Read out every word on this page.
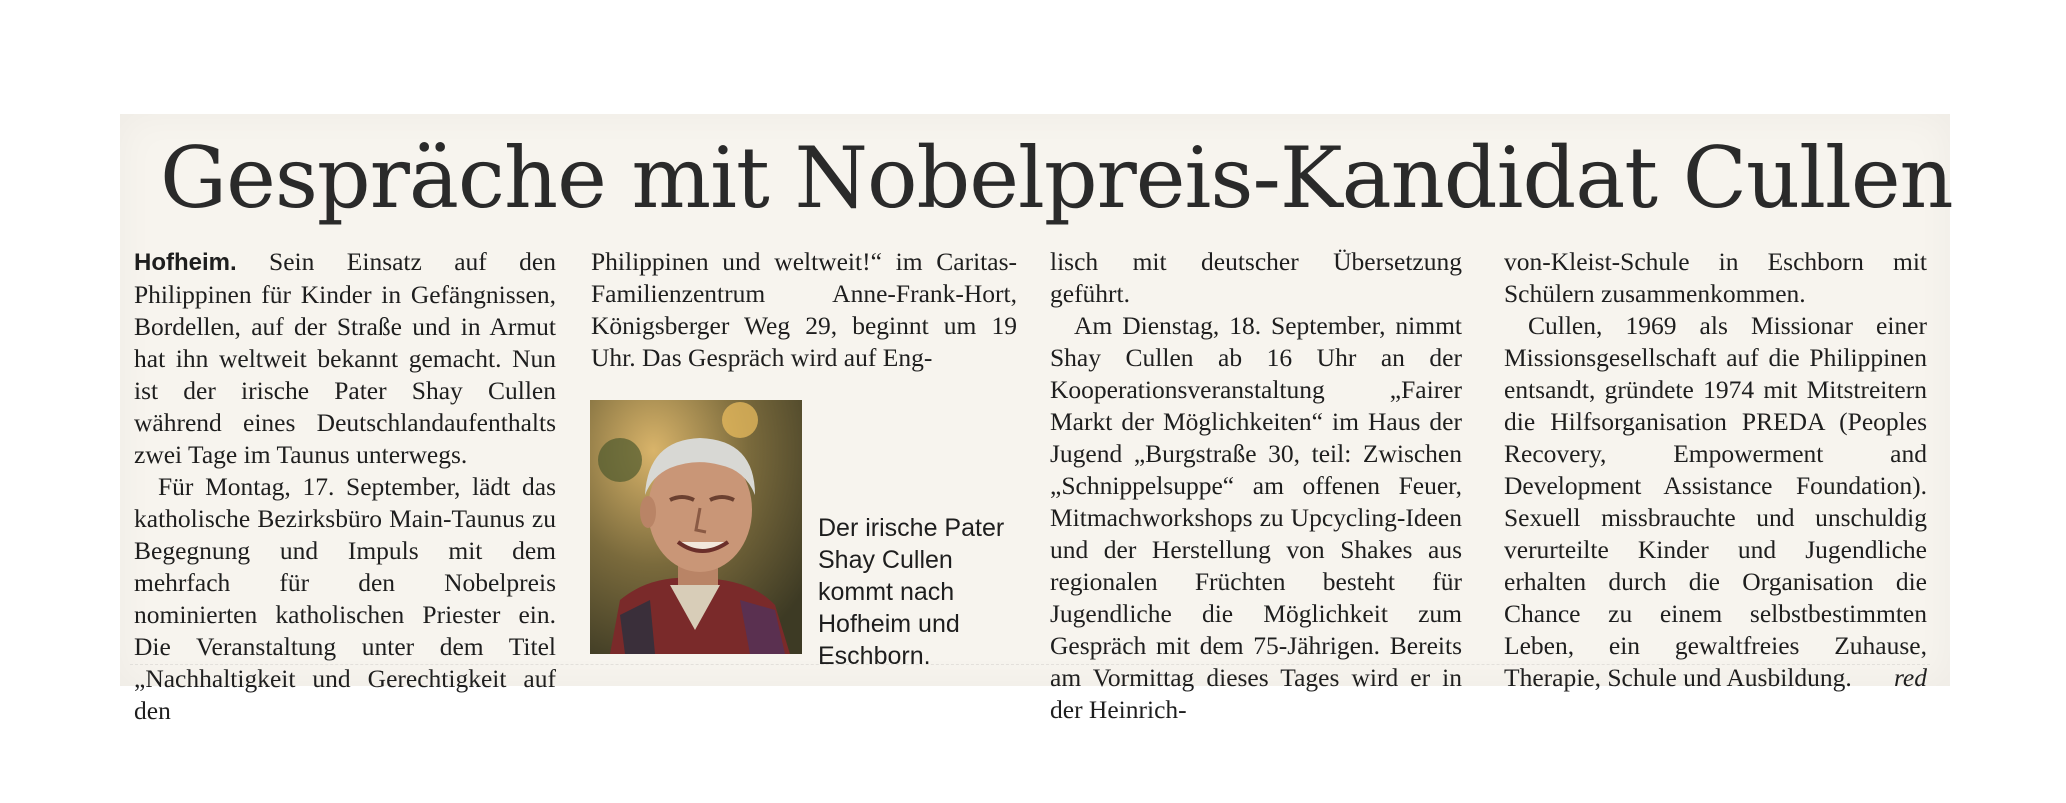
Gespräche mit Nobelpreis-Kandidat Cullen

Hofheim. Sein Einsatz auf den Philippinen für Kinder in Gefängnissen, Bordellen, auf der Straße und in Armut hat ihn weltweit bekannt gemacht. Nun ist der irische Pater Shay Cullen während eines Deutschlandaufenthalts zwei Tage im Taunus unterwegs.

Für Montag, 17. September, lädt das katholische Bezirksbüro Main-Taunus zu Begegnung und Impuls mit dem mehrfach für den Nobelpreis nominierten katholischen Priester ein. Die Veranstaltung unter dem Titel „Nachhaltigkeit und Gerechtigkeit auf den

Philippinen und weltweit!“ im Caritas-Familienzentrum Anne-Frank-Hort, Königsberger Weg 29, beginnt um 19 Uhr. Das Gespräch wird auf Eng-

Der irische Pater Shay Cullen kommt nach Hofheim und Eschborn.

lisch mit deutscher Übersetzung geführt.

Am Dienstag, 18. September, nimmt Shay Cullen ab 16 Uhr an der Kooperationsveranstaltung „Fairer Markt der Möglichkeiten“ im Haus der Jugend „Burgstraße 30, teil: Zwischen „Schnippelsuppe“ am offenen Feuer, Mitmachworkshops zu Upcycling-Ideen und der Herstellung von Shakes aus regionalen Früchten besteht für Jugendliche die Möglichkeit zum Gespräch mit dem 75-Jährigen. Bereits am Vormittag dieses Tages wird er in der Heinrich-

von-Kleist-Schule in Eschborn mit Schülern zusammenkommen.

Cullen, 1969 als Missionar einer Missionsgesellschaft auf die Philippinen entsandt, gründete 1974 mit Mitstreitern die Hilfsorganisation PREDA (Peoples Recovery, Empowerment and Development Assistance Foundation). Sexuell missbrauchte und unschuldig verurteilte Kinder und Jugendliche erhalten durch die Organisation die Chance zu einem selbstbestimmten Leben, ein gewaltfreies Zuhause, Therapie, Schule und Ausbildung.	red
